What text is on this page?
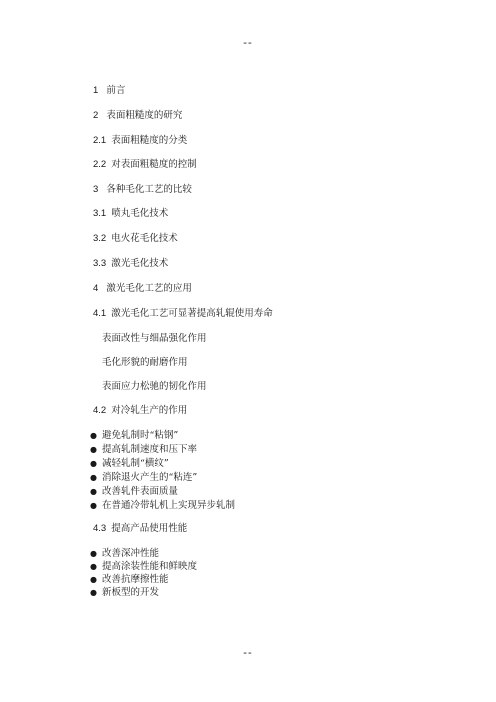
--
1 前言
2 表面粗糙度的研究
2.1 表面粗糙度的分类
2.2 对表面粗糙度的控制
3 各种毛化工艺的比较
3.1 喷丸毛化技术
3.2 电火花毛化技术
3.3 激光毛化技术
4 激光毛化工艺的应用
4.1 激光毛化工艺可显著提高轧辊使用寿命
表面改性与细晶强化作用
毛化形貌的耐磨作用
表面应力松驰的韧化作用
4.2 对冷轧生产的作用
● 避免轧制时“粘钢”
● 提高轧制速度和压下率
● 减轻轧制“横纹”
● 消除退火产生的“粘连”
● 改善轧件表面质量
● 在普通冷带轧机上实现异步轧制
4.3 提高产品使用性能
● 改善深冲性能
● 提高涂装性能和鲜映度
● 改善抗摩擦性能
● 新板型的开发
--
